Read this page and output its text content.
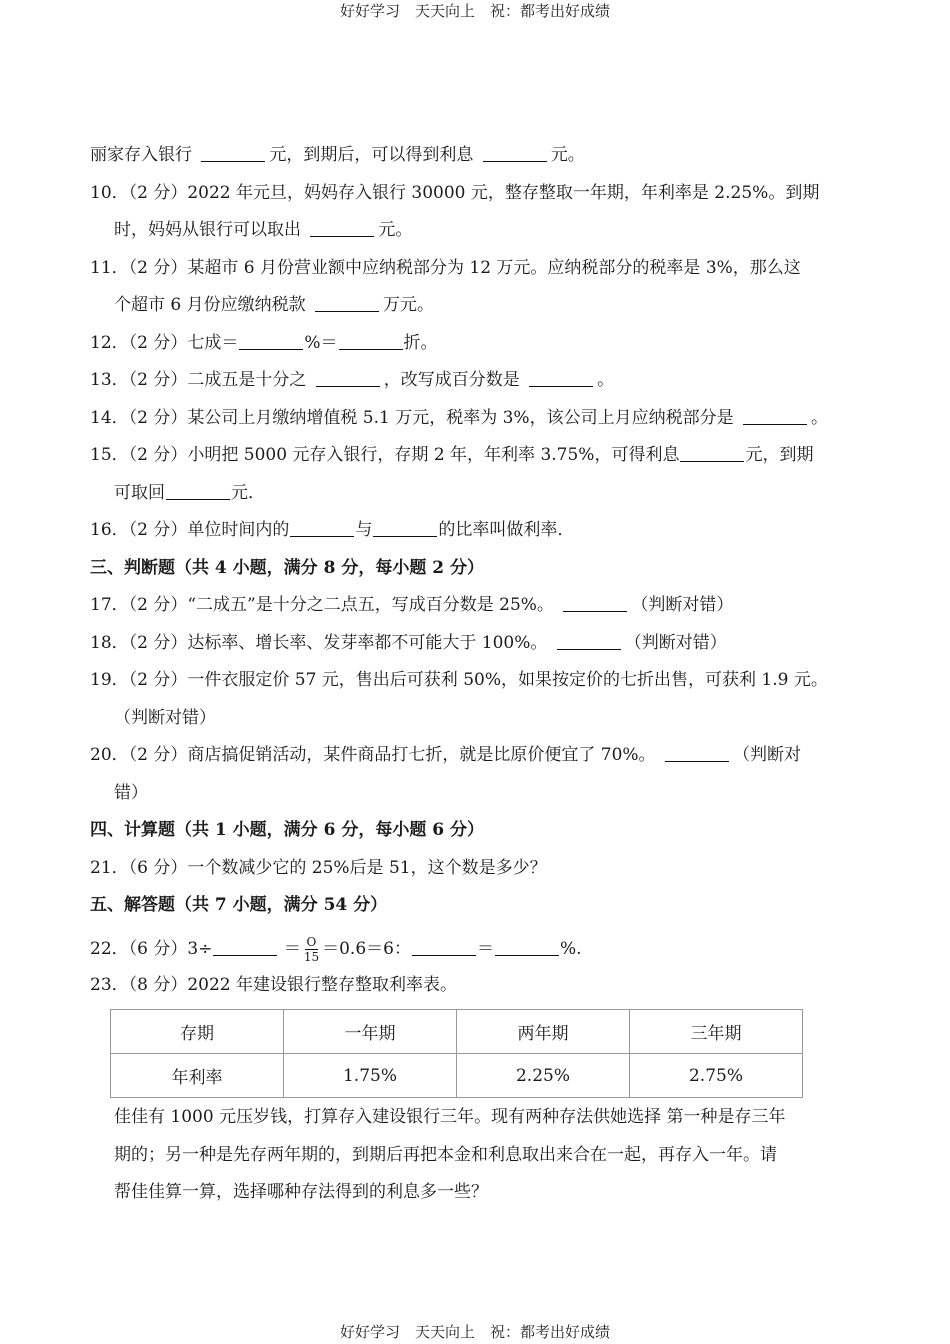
好好学习　天天向上　祝：都考出好成绩
丽家存入银行	元，到期后，可以得到利息	元。
10．（2 分）2022 年元旦，妈妈存入银行 30000 元，整存整取一年期，年利率是 2.25%。到期
时，妈妈从银行可以取出	元。
11．（2 分）某超市 6 月份营业额中应纳税部分为 12 万元。应纳税部分的税率是 3%，那么这
个超市 6 月份应缴纳税款	万元。
12．（2 分）七成＝	%＝	折。
13．（2 分）二成五是十分之	，改写成百分数是	。
14．（2 分）某公司上月缴纳增值税 5.1 万元，税率为 3%，该公司上月应纳税部分是	。
15．（2 分）小明把 5000 元存入银行，存期 2 年，年利率 3.75%，可得利息	元，到期
可取回	元．
16．（2 分）单位时间内的	与	的比率叫做利率．
三、判断题（共 4 小题，满分 8 分，每小题 2 分）
17．（2 分）“二成五”是十分之二点五，写成百分数是 25%。	（判断对错）
18．（2 分）达标率、增长率、发芽率都不可能大于 100%。	（判断对错）
19．（2 分）一件衣服定价 57 元，售出后可获利 50%，如果按定价的七折出售，可获利 1.9 元。
（判断对错）
20．（2 分）商店搞促销活动，某件商品打七折，就是比原价便宜了 70%。	（判断对
错）
四、计算题（共 1 小题，满分 6 分，每小题 6 分）
21．（6 分）一个数减少它的 25%后是 51，这个数是多少？
五、解答题（共 7 小题，满分 54 分）
22．（6 分）3÷	＝ $\frac{O}{15} =0.6=6$：	＝	%.
23．（8 分）2022 年建设银行整存整取利率表。
存期	一年期	两年期	三年期
年利率	1.75%	2.25%	2.75%
佳佳有 1000 元压岁钱，打算存入建设银行三年。现有两种存法供她选择 第一种是存三年
期的；另一种是先存两年期的，到期后再把本金和利息取出来合在一起，再存入一年。请
帮佳佳算一算，选择哪种存法得到的利息多一些？
好好学习　天天向上　祝：都考出好成绩
